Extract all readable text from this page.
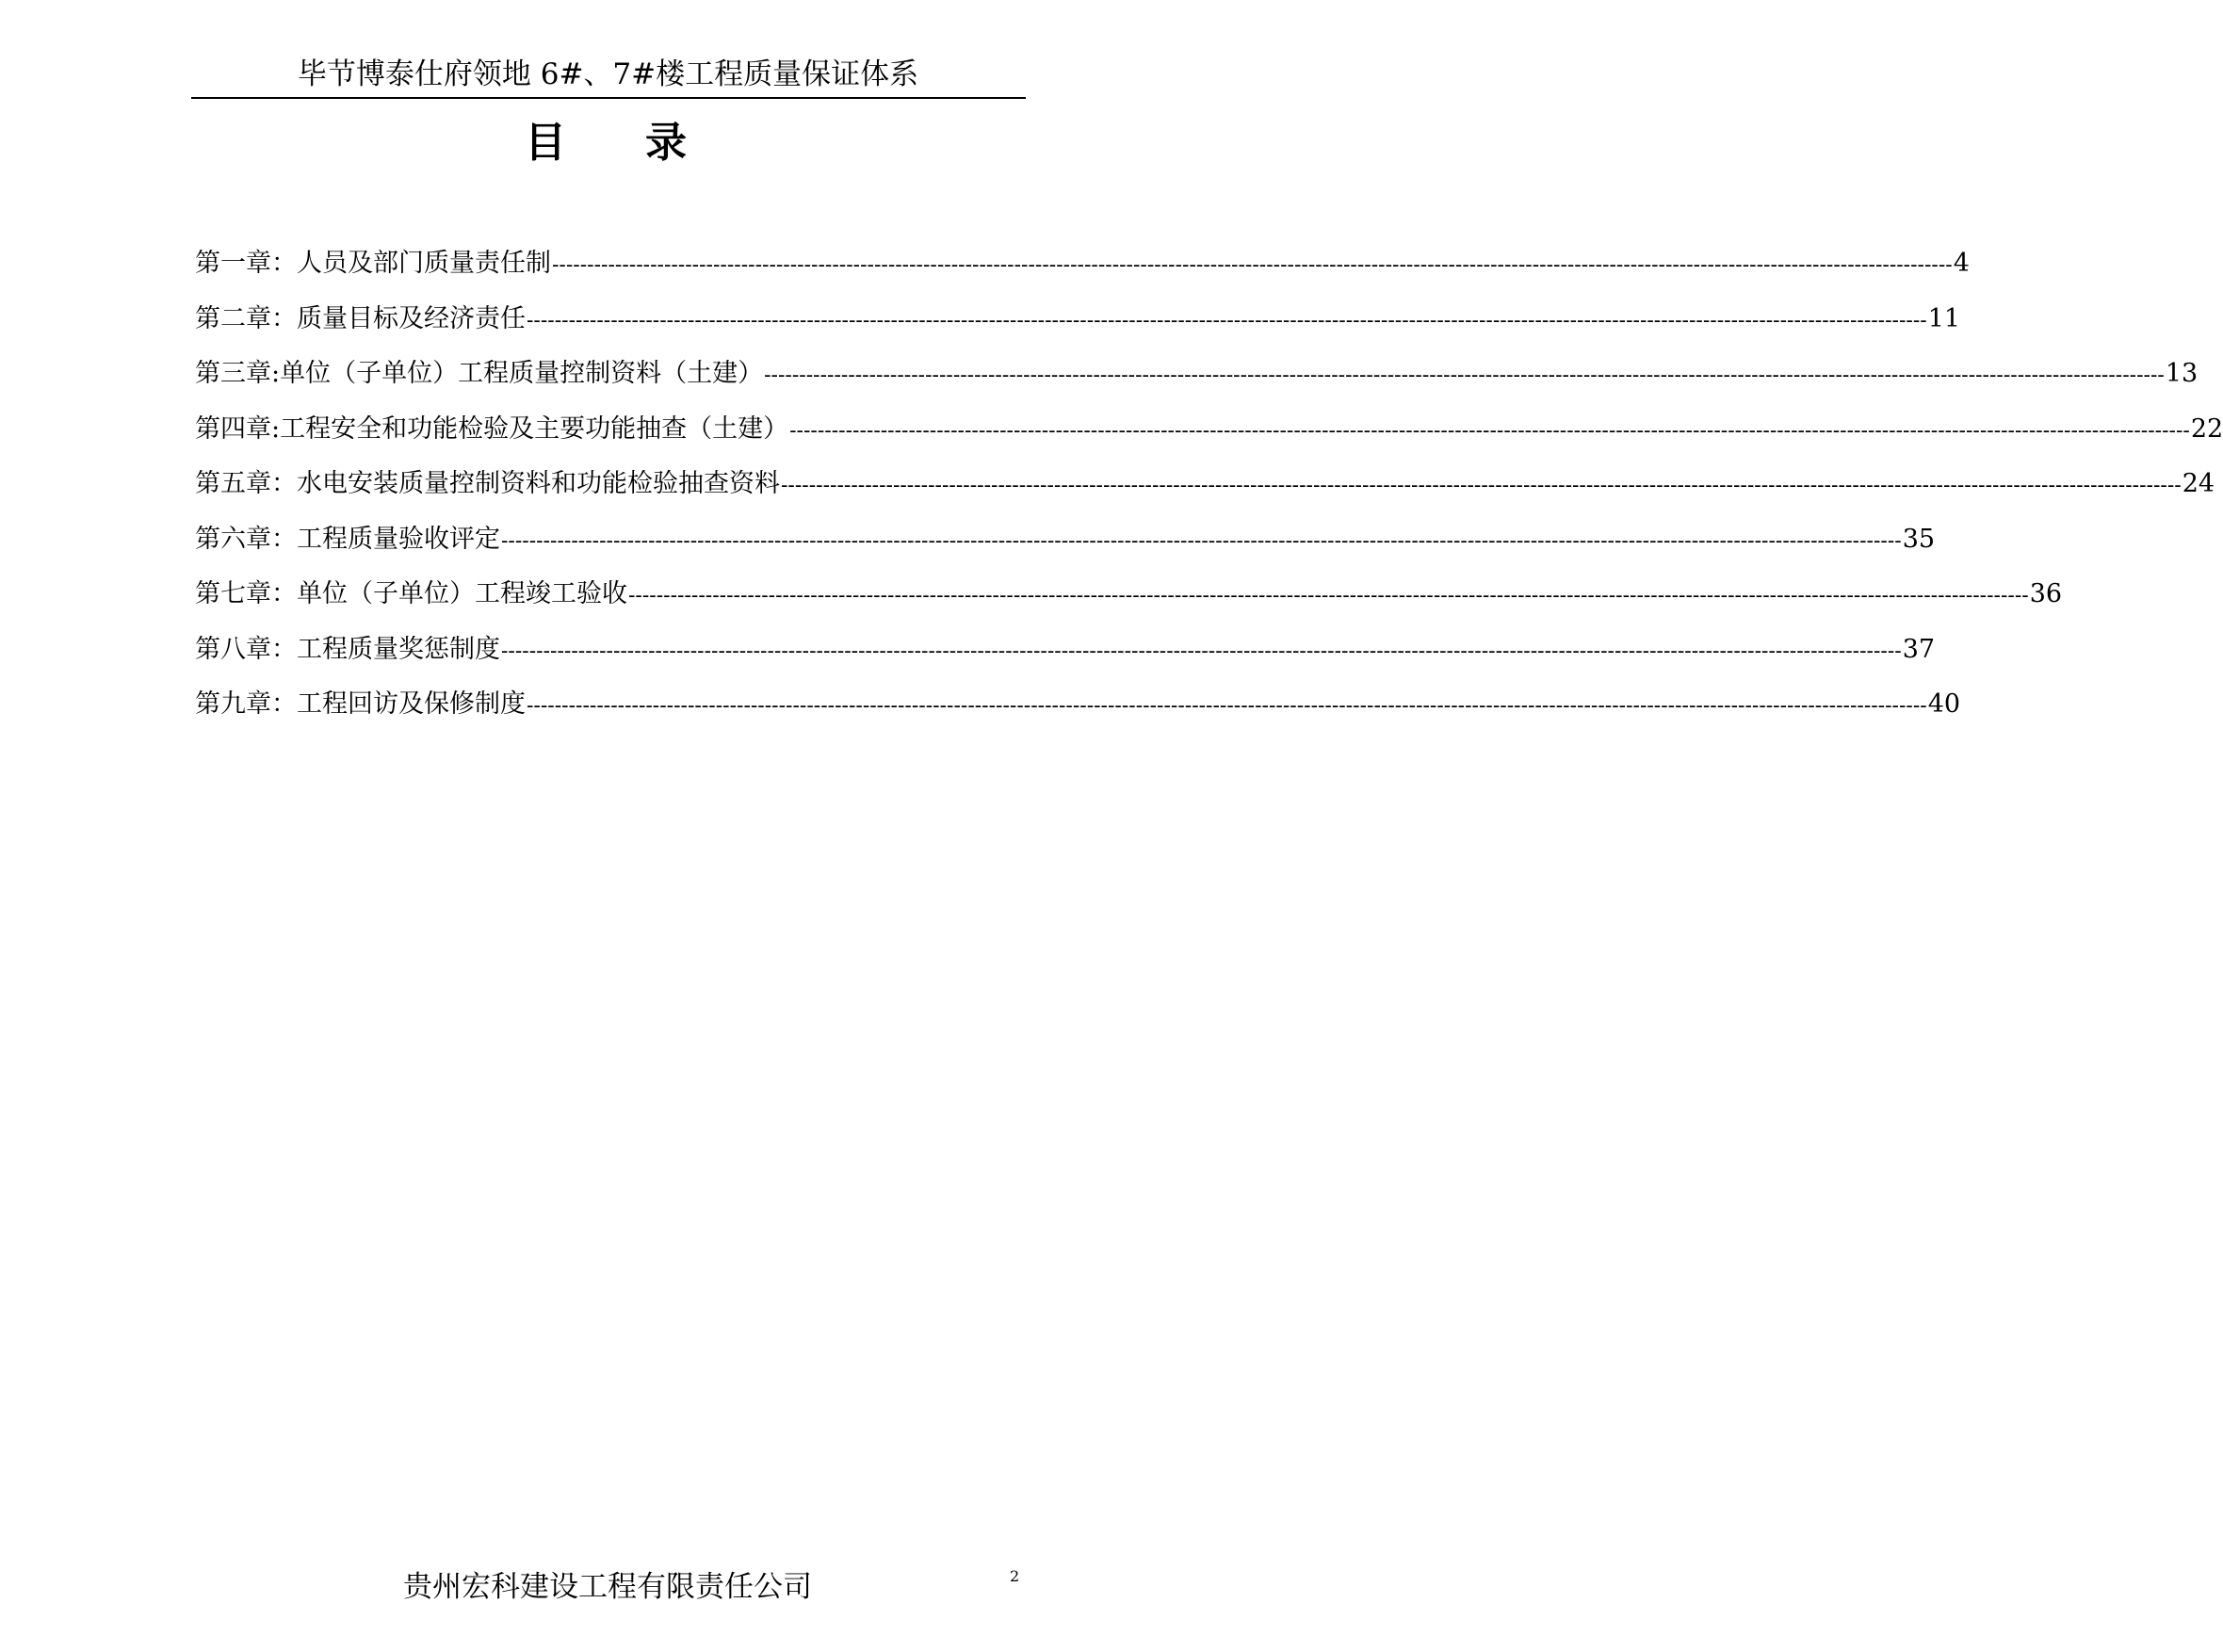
毕节博泰仕府领地 6#、7#楼工程质量保证体系
目 录
第一章：人员及部门质量责任制 -------------------------------------------------------------------------------------------------------------------------------------------------------------------------------------------------------- 4
第二章：质量目标及经济责任 -------------------------------------------------------------------------------------------------------------------------------------------------------------------------------------------------------- 11
第三章:单位（子单位）工程质量控制资料（土建） -------------------------------------------------------------------------------------------------------------------------------------------------------------------------------------------------------- 13
第四章:工程安全和功能检验及主要功能抽查（土建） -------------------------------------------------------------------------------------------------------------------------------------------------------------------------------------------------------- 22
第五章：水电安装质量控制资料和功能检验抽查资料 -------------------------------------------------------------------------------------------------------------------------------------------------------------------------------------------------------- 24
第六章：工程质量验收评定 -------------------------------------------------------------------------------------------------------------------------------------------------------------------------------------------------------- 35
第七章：单位（子单位）工程竣工验收 -------------------------------------------------------------------------------------------------------------------------------------------------------------------------------------------------------- 36
第八章：工程质量奖惩制度 -------------------------------------------------------------------------------------------------------------------------------------------------------------------------------------------------------- 37
第九章：工程回访及保修制度 -------------------------------------------------------------------------------------------------------------------------------------------------------------------------------------------------------- 40
贵州宏科建设工程有限责任公司	2
